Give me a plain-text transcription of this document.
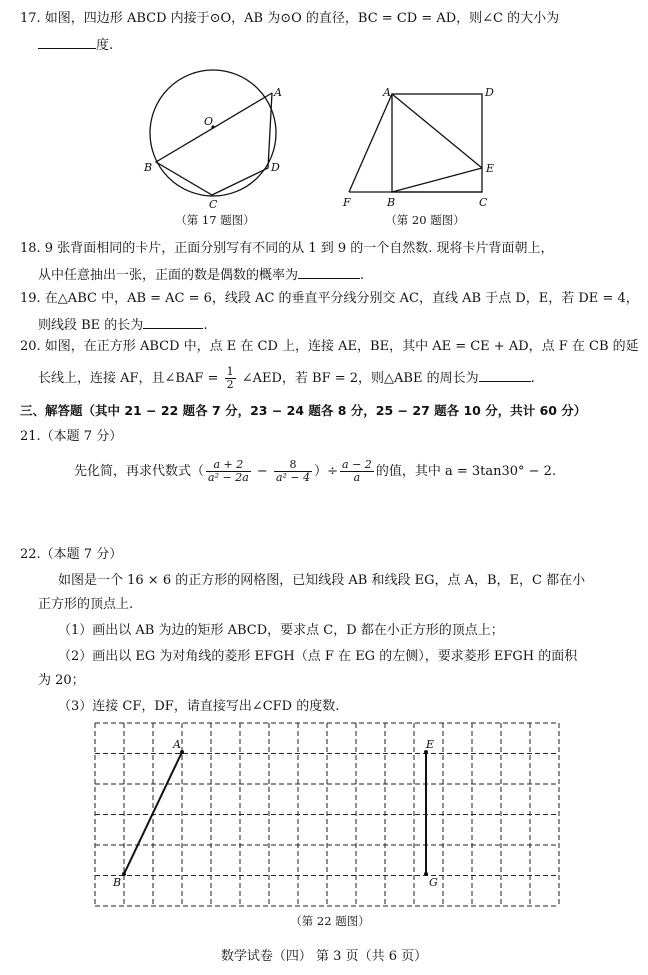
17. 如图，四边形 ABCD 内接于⊙O，AB 为⊙O 的直径，BC = CD = AD，则∠C 的大小为
度.
O
A
B
C
D
（第 17 题图）
A	D
E
B	C
F
（第 20 题图）
18. 9 张背面相同的卡片，正面分别写有不同的从 1 到 9 的一个自然数. 现将卡片背面朝上，
从中任意抽出一张，正面的数是偶数的概率为	.
19. 在△ABC 中，AB = AC = 6，线段 AC 的垂直平分线分别交 AC，直线 AB 于点 D，E，若 DE = 4，
则线段 BE 的长为	.
20. 如图，在正方形 ABCD 中，点 E 在 CD 上，连接 AE，BE，其中 AE = CE + AD，点 F 在 CB 的延
长线上，连接 AF，且∠BAF = $\frac{1}{2}$ ∠AED，若 BF = 2，则△ABE 的周长为	.
三、解答题（其中 21 − 22 题各 7 分，23 − 24 题各 8 分，25 − 27 题各 10 分，共计 60 分）
21.（本题 7 分）
先化简，再求代数式（ $\frac{a + 2}{\text{a² − 2a}} - \frac{8}{\text{a² − 4}}$ ）÷ $\frac{a - 2}{a}$ 的值，其中 a = 3tan30° − 2.
22.（本题 7 分）
如图是一个 16 × 6 的正方形的网格图，已知线段 AB 和线段 EG，点 A，B，E，C 都在小
正方形的顶点上.
（1）画出以 AB 为边的矩形 ABCD，要求点 C，D 都在小正方形的顶点上；
（2）画出以 EG 为对角线的菱形 EFGH（点 F 在 EG 的左侧），要求菱形 EFGH 的面积
为 20；
（3）连接 CF，DF，请直接写出∠CFD 的度数.
A
B
E
G
（第 22 题图）
数学试卷（四） 第 3 页（共 6 页）
